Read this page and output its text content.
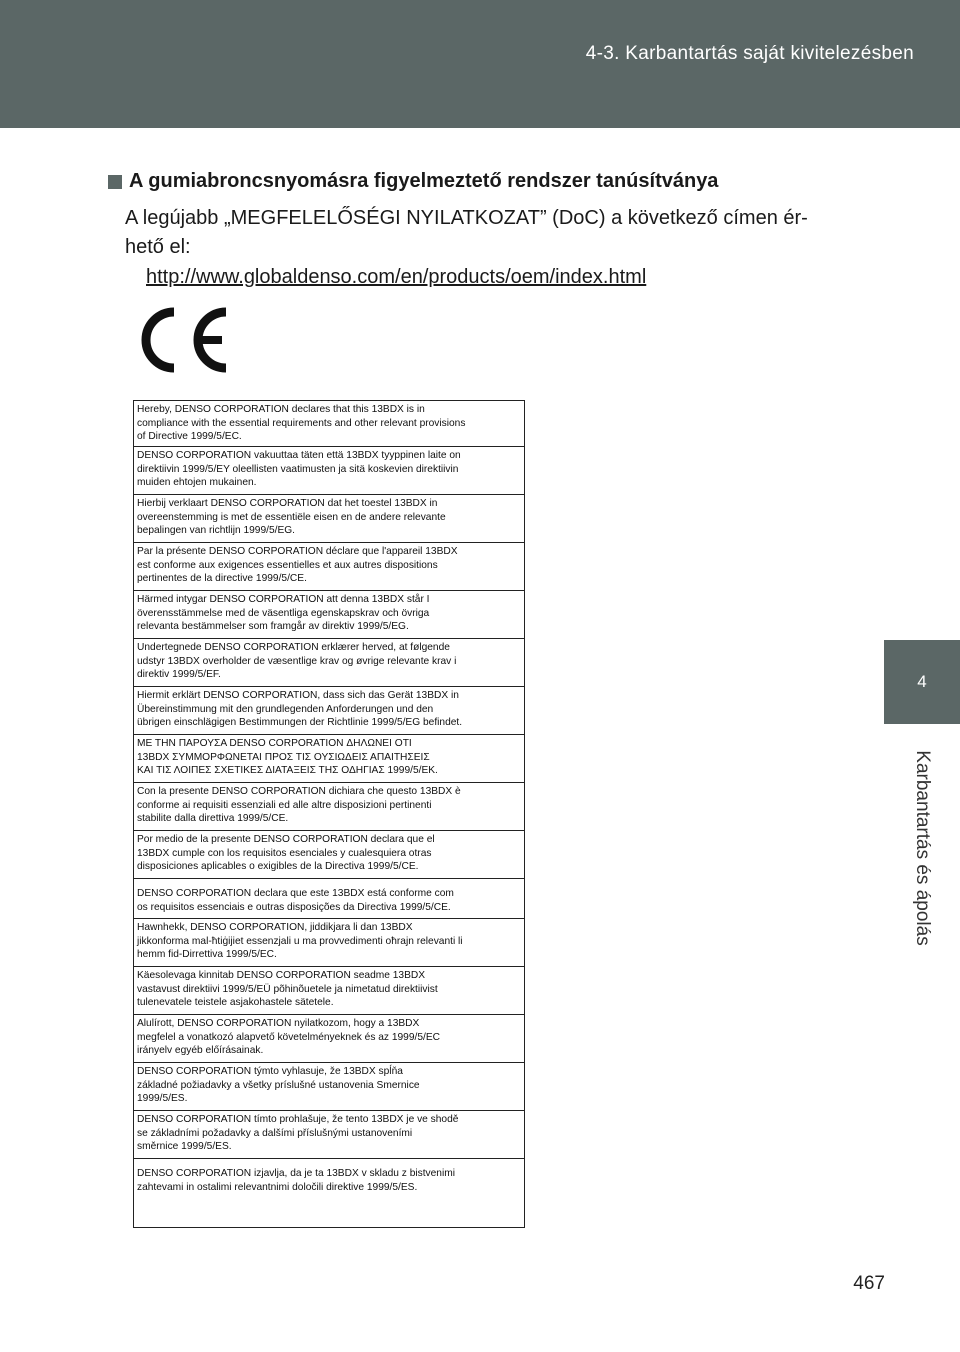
4-3. Karbantartás saját kivitelezésben
4
Karbantartás és ápolás
A gumiabroncsnyomásra figyelmeztető rendszer tanúsítványa
A legújabb „MEGFELELŐSÉGI NYILATKOZAT” (DoC) a következő címen ér-
hető el:
http://www.globaldenso.com/en/products/oem/index.html
Hereby, DENSO CORPORATION declares that this 13BDX is in
compliance with the essential requirements and other relevant provisions
of Directive 1999/5/EC.
DENSO CORPORATION vakuuttaa täten että 13BDX tyyppinen laite on
direktiivin 1999/5/EY oleellisten vaatimusten ja sitä koskevien direktiivin
muiden ehtojen mukainen.
Hierbij verklaart DENSO CORPORATION dat het toestel 13BDX in
overeenstemming is met de essentiële eisen en de andere relevante
bepalingen van richtlijn 1999/5/EG.
Par la présente DENSO CORPORATION déclare que l'appareil 13BDX
est conforme aux exigences essentielles et aux autres dispositions
pertinentes de la directive 1999/5/CE.
Härmed intygar DENSO CORPORATION att denna 13BDX står I
överensstämmelse med de väsentliga egenskapskrav och övriga
relevanta bestämmelser som framgår av direktiv 1999/5/EG.
Undertegnede DENSO CORPORATION erklærer herved, at følgende
udstyr 13BDX overholder de væsentlige krav og øvrige relevante krav i
direktiv 1999/5/EF.
Hiermit erklärt DENSO CORPORATION, dass sich das Gerät 13BDX in
Übereinstimmung mit den grundlegenden Anforderungen und den
übrigen einschlägigen Bestimmungen der Richtlinie 1999/5/EG befindet.
ΜΕ ΤΗΝ ΠΑΡΟΥΣΑ DENSO CORPORATION ΔΗΛΩΝΕΙ ΟΤΙ
13BDX ΣΥΜΜΟΡΦΩΝΕΤΑΙ ΠΡΟΣ ΤΙΣ ΟΥΣΙΩΔΕΙΣ ΑΠΑΙΤΗΣΕΙΣ
ΚΑΙ ΤΙΣ ΛΟΙΠΕΣ ΣΧΕΤΙΚΕΣ ΔΙΑΤΑΞΕΙΣ ΤΗΣ ΟΔΗΓΙΑΣ 1999/5/ΕΚ.
Con la presente DENSO CORPORATION dichiara che questo 13BDX è
conforme ai requisiti essenziali ed alle altre disposizioni pertinenti
stabilite dalla direttiva 1999/5/CE.
Por medio de la presente DENSO CORPORATION declara que el
13BDX cumple con los requisitos esenciales y cualesquiera otras
disposiciones aplicables o exigibles de la Directiva 1999/5/CE.
DENSO CORPORATION declara que este 13BDX está conforme com
os requisitos essenciais e outras disposições da Directiva 1999/5/CE.
Hawnhekk, DENSO CORPORATION, jiddikjara li dan 13BDX
jikkonforma mal-ħtiġijiet essenzjali u ma provvedimenti oħrajn relevanti li
hemm fid-Dirrettiva 1999/5/EC.
Käesolevaga kinnitab DENSO CORPORATION seadme 13BDX
vastavust direktiivi 1999/5/EÜ põhinõuetele ja nimetatud direktiivist
tulenevatele teistele asjakohastele sätetele.
Alulírott, DENSO CORPORATION nyilatkozom, hogy a 13BDX
megfelel a vonatkozó alapvető követelményeknek és az 1999/5/EC
irányelv egyéb előírásainak.
DENSO CORPORATION týmto vyhlasuje, že 13BDX spĺňa
základné požiadavky a všetky príslušné ustanovenia Smernice
1999/5/ES.
DENSO CORPORATION tímto prohlašuje, že tento 13BDX je ve shodě
se základními požadavky a dalšími příslušnými ustanoveními
směrnice 1999/5/ES.
DENSO CORPORATION izjavlja, da je ta 13BDX v skladu z bistvenimi
zahtevami in ostalimi relevantnimi določili direktive 1999/5/ES.
467
